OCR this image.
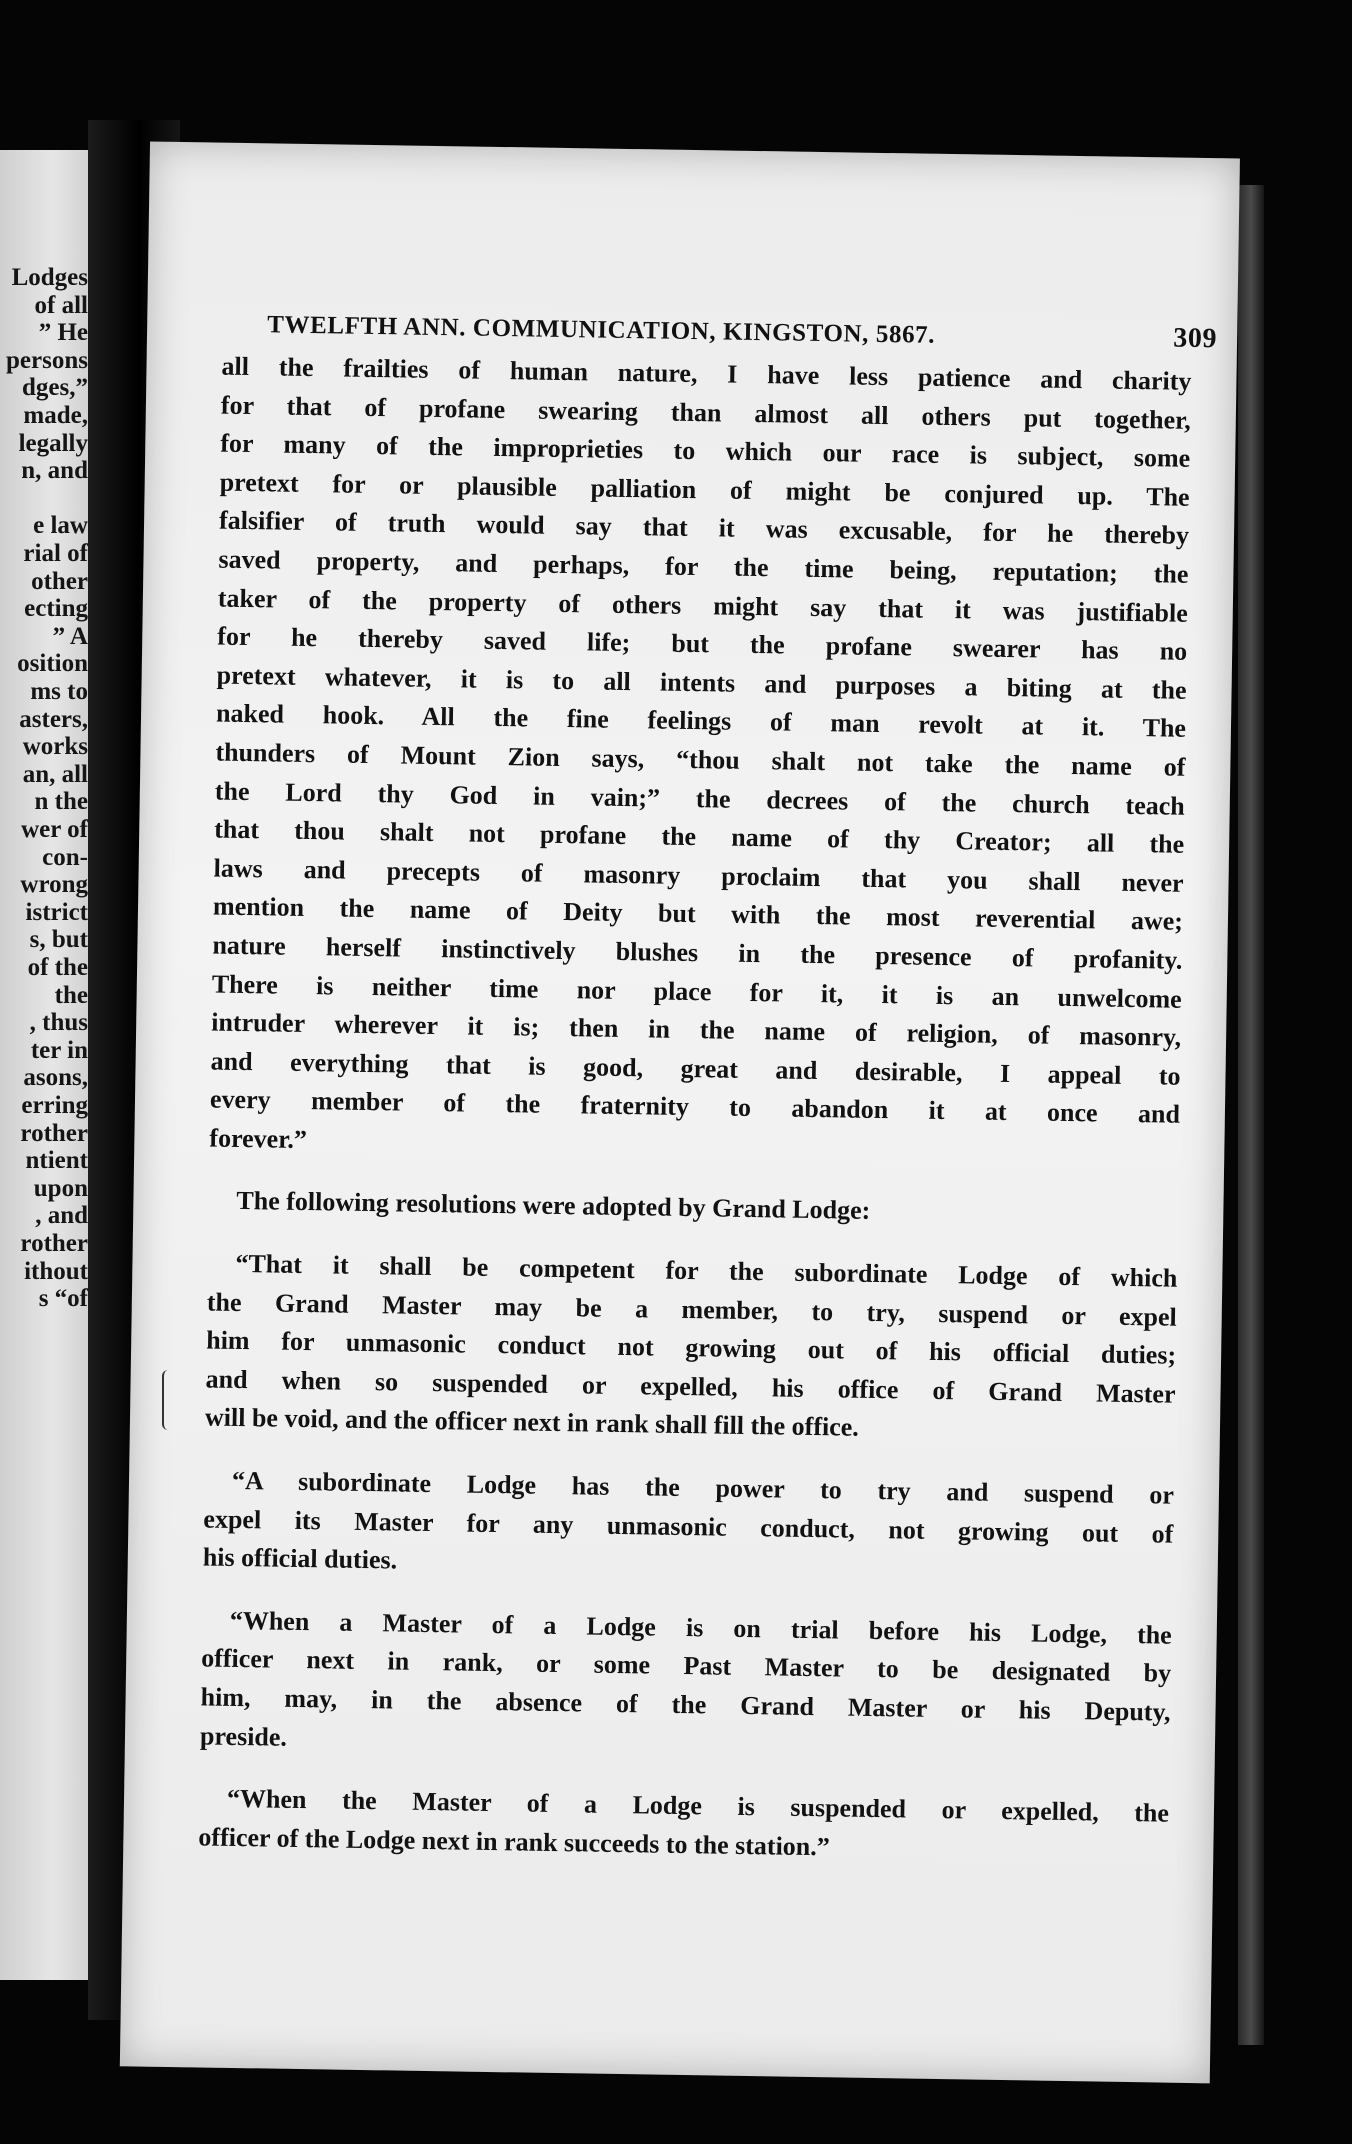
Lodges
of all
” He
persons
dges,”
made,
legally
n, and
e law
rial of
other
ecting
” A
osition
ms to
asters,
works
an, all
n the
wer of
con-
wrong
istrict
s, but
of the
the
, thus
ter in
asons,
erring
rother
ntient
upon
, and
rother
ithout
s “of
TWELFTH ANN. COMMUNICATION, KINGSTON, 5867.	309
all the frailties of human nature, I have less patience and charity
for that of profane swearing than almost all others put together,
for many of the improprieties to which our race is subject, some
pretext for or plausible palliation of might be conjured up. The
falsifier of truth would say that it was excusable, for he thereby
saved property, and perhaps, for the time being, reputation; the
taker of the property of others might say that it was justifiable
for he thereby saved life; but the profane swearer has no
pretext whatever, it is to all intents and purposes a biting at the
naked hook. All the fine feelings of man revolt at it. The
thunders of Mount Zion says, “thou shalt not take the name of
the Lord thy God in vain;” the decrees of the church teach
that thou shalt not profane the name of thy Creator; all the
laws and precepts of masonry proclaim that you shall never
mention the name of Deity but with the most reverential awe;
nature herself instinctively blushes in the presence of profanity.
There is neither time nor place for it, it is an unwelcome
intruder wherever it is; then in the name of religion, of masonry,
and everything that is good, great and desirable, I appeal to
every member of the fraternity to abandon it at once and
forever.”
The following resolutions were adopted by Grand Lodge:
“That it shall be competent for the subordinate Lodge of which
the Grand Master may be a member, to try, suspend or expel
him for unmasonic conduct not growing out of his official duties;
and when so suspended or expelled, his office of Grand Master
will be void, and the officer next in rank shall fill the office.
“A subordinate Lodge has the power to try and suspend or
expel its Master for any unmasonic conduct, not growing out of
his official duties.
“When a Master of a Lodge is on trial before his Lodge, the
officer next in rank, or some Past Master to be designated by
him, may, in the absence of the Grand Master or his Deputy,
preside.
“When the Master of a Lodge is suspended or expelled, the
officer of the Lodge next in rank succeeds to the station.”
